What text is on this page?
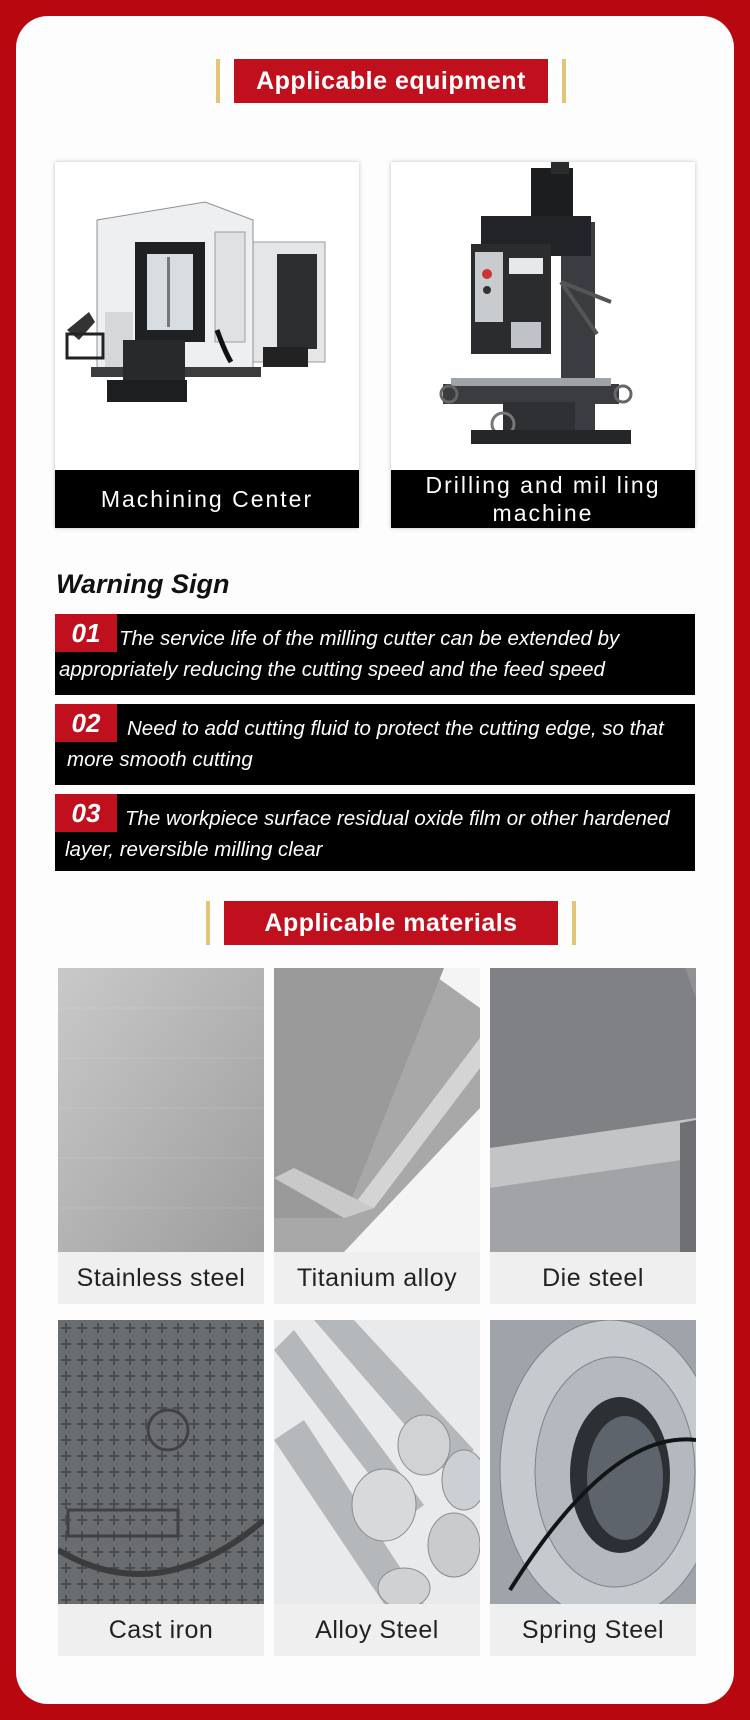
Applicable equipment
Machining Center
Drilling and mil ling machine
Warning Sign
01 The service life of the milling cutter can be extended by appropriately reducing the cutting speed and the feed speed
02	Need to add cutting fluid to protect the cutting edge, so that more smooth cutting
03	The workpiece surface residual oxide film or other hardened layer, reversible milling clear
Applicable materials
Stainless steel	Titanium alloy	Die steel
Cast iron	Alloy Steel	Spring Steel
